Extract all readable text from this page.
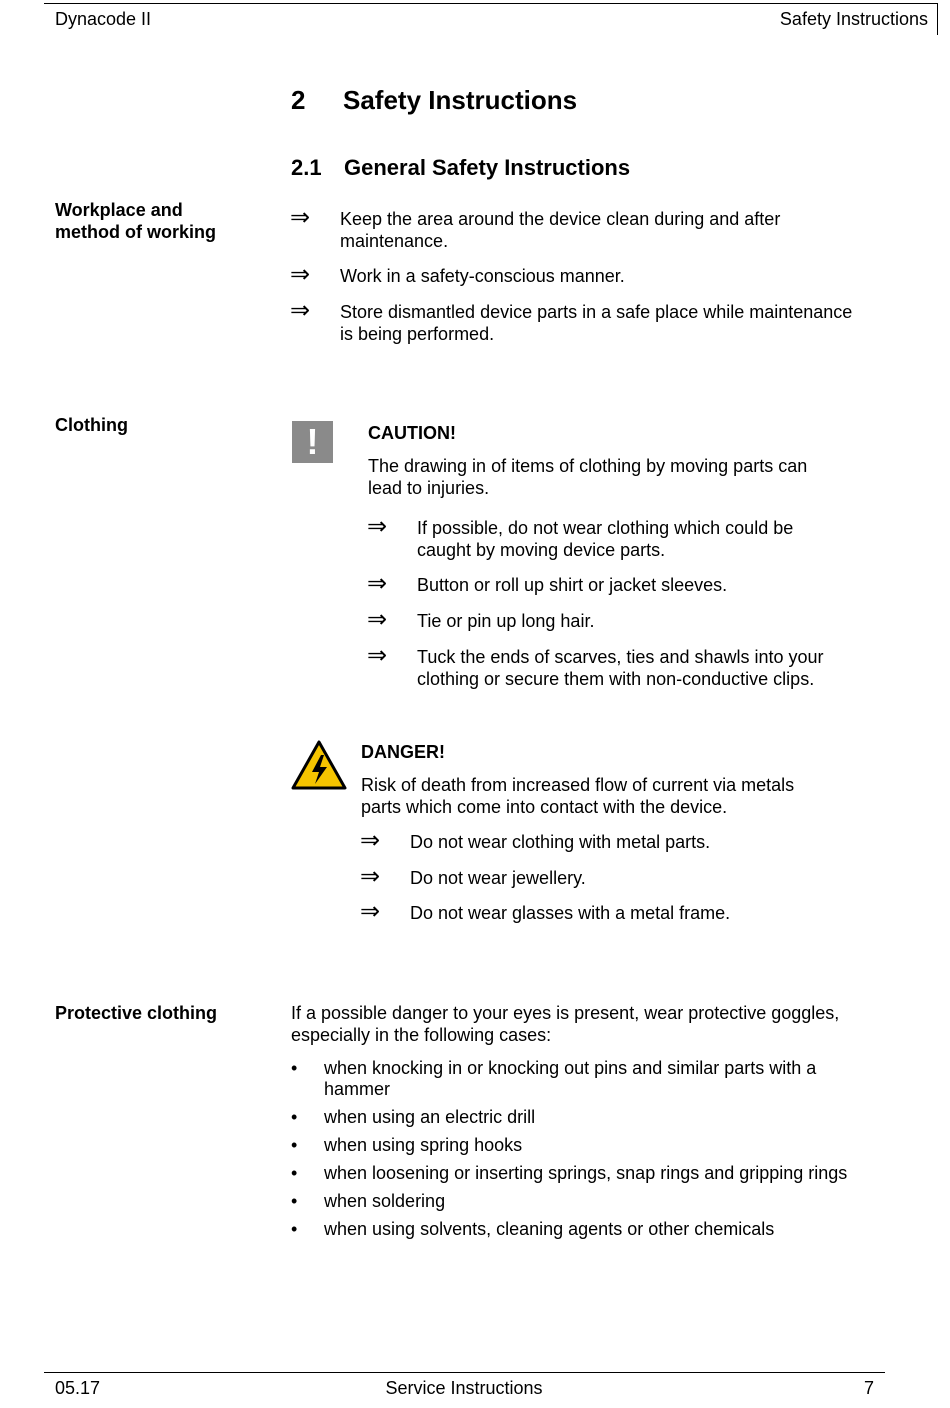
Dynacode II	Safety Instructions
2 Safety Instructions
2.1 General Safety Instructions
Workplace and
method of working
⇒ Keep the area around the device clean during and after
maintenance.
⇒ Work in a safety-conscious manner.
⇒ Store dismantled device parts in a safe place while maintenance
is being performed.
Clothing	!	CAUTION!
The drawing in of items of clothing by moving parts can
lead to injuries.
⇒ If possible, do not wear clothing which could be
caught by moving device parts.
⇒ Button or roll up shirt or jacket sleeves.
⇒ Tie or pin up long hair.
⇒ Tuck the ends of scarves, ties and shawls into your
clothing or secure them with non-conductive clips.
DANGER!
Risk of death from increased flow of current via metals
parts which come into contact with the device.
⇒ Do not wear clothing with metal parts.
⇒ Do not wear jewellery.
⇒ Do not wear glasses with a metal frame.
Protective clothing	If a possible danger to your eyes is present, wear protective goggles,
especially in the following cases:
• when knocking in or knocking out pins and similar parts with a
hammer
• when using an electric drill
• when using spring hooks
• when loosening or inserting springs, snap rings and gripping rings
• when soldering
• when using solvents, cleaning agents or other chemicals
05.17	Service Instructions	7
